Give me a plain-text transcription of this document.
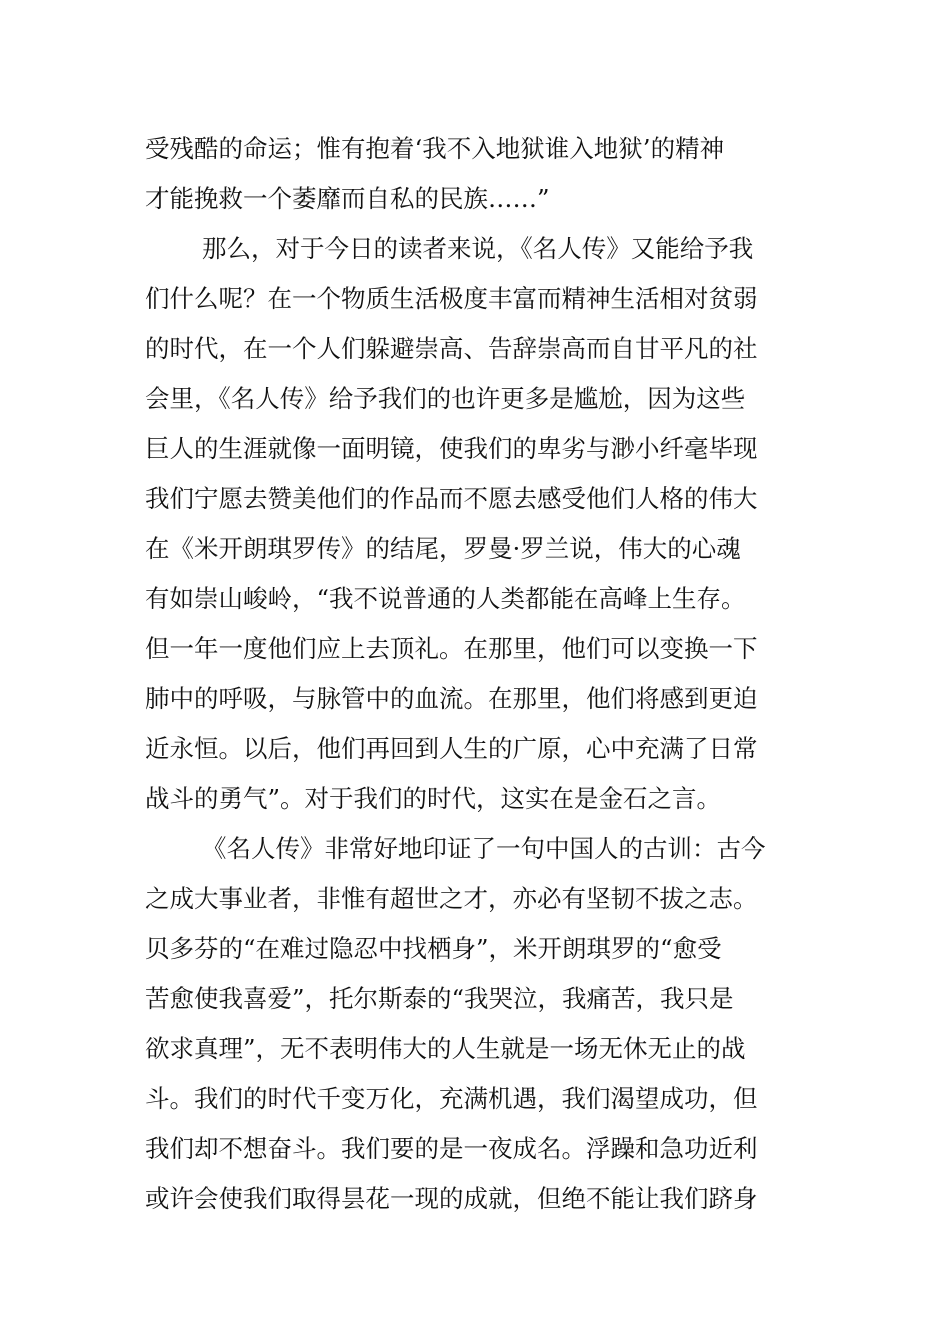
受残酷的命运；惟有抱着‘我不入地狱谁入地狱’的精神
才能挽救一个萎靡而自私的民族……”
那么，对于今日的读者来说，《名人传》又能给予我
们什么呢？在一个物质生活极度丰富而精神生活相对贫弱
的时代，在一个人们躲避崇高、告辞崇高而自甘平凡的社
会里，《名人传》给予我们的也许更多是尴尬，因为这些
巨人的生涯就像一面明镜，使我们的卑劣与渺小纤毫毕现
我们宁愿去赞美他们的作品而不愿去感受他们人格的伟大
在《米开朗琪罗传》的结尾，罗曼·罗兰说，伟大的心魂
有如崇山峻岭，“我不说普通的人类都能在高峰上生存。
但一年一度他们应上去顶礼。在那里，他们可以变换一下
肺中的呼吸，与脉管中的血流。在那里，他们将感到更迫
近永恒。以后，他们再回到人生的广原，心中充满了日常
战斗的勇气”。对于我们的时代，这实在是金石之言。
《名人传》非常好地印证了一句中国人的古训：古今
之成大事业者，非惟有超世之才，亦必有坚韧不拔之志。
贝多芬的“在难过隐忍中找栖身”，米开朗琪罗的“愈受
苦愈使我喜爱”，托尔斯泰的“我哭泣，我痛苦，我只是
欲求真理”，无不表明伟大的人生就是一场无休无止的战
斗。我们的时代千变万化，充满机遇，我们渴望成功，但
我们却不想奋斗。我们要的是一夜成名。浮躁和急功近利
或许会使我们取得昙花一现的成就，但绝不能让我们跻身
